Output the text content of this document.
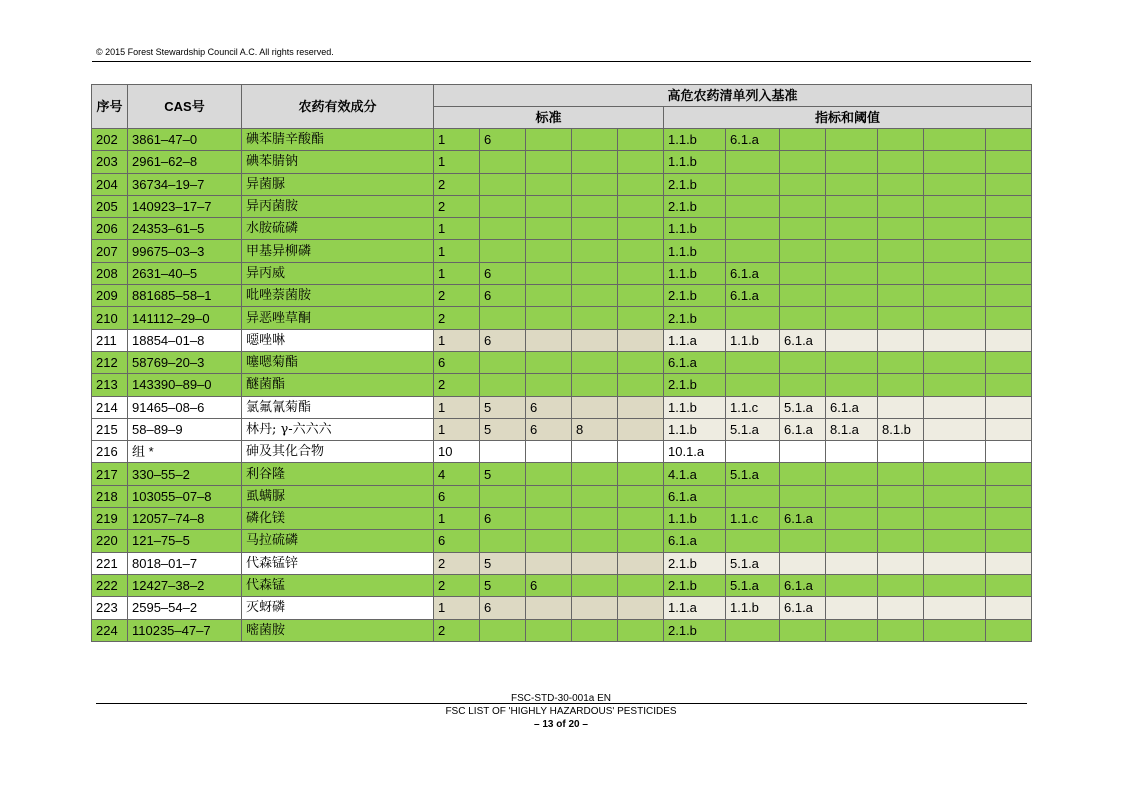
© 2015 Forest Stewardship Council A.C. All rights reserved.
序号	CAS号	农药有效成分	高危农药清单列入基准											
			标准					指标和阈值						
202	3861–47–0	碘苯腈辛酸酯	1	6				1.1.b	6.1.a					
203	2961–62–8	碘苯腈钠	1					1.1.b						
204	36734–19–7	异菌脲	2					2.1.b						
205	140923–17–7	异丙菌胺	2					2.1.b						
206	24353–61–5	水胺硫磷	1					1.1.b						
207	99675–03–3	甲基异柳磷	1					1.1.b						
208	2631–40–5	异丙威	1	6				1.1.b	6.1.a					
209	881685–58–1	吡唑萘菌胺	2	6				2.1.b	6.1.a					
210	141112–29–0	异恶唑草酮	2					2.1.b						
211	18854–01–8	噁唑啉	1	6				1.1.a	1.1.b	6.1.a				
212	58769–20–3	噻嗯菊酯	6					6.1.a						
213	143390–89–0	醚菌酯	2					2.1.b						
214	91465–08–6	氯氟氰菊酯	1	5	6			1.1.b	1.1.c	5.1.a	6.1.a			
215	58–89–9	林丹; γ-六六六	1	5	6	8		1.1.b	5.1.a	6.1.a	8.1.a	8.1.b		
216	组 *	砷及其化合物	10					10.1.a						
217	330–55–2	利谷隆	4	5				4.1.a	5.1.a					
218	103055–07–8	虱螨脲	6					6.1.a						
219	12057–74–8	磷化镁	1	6				1.1.b	1.1.c	6.1.a				
220	121–75–5	马拉硫磷	6					6.1.a						
221	8018–01–7	代森锰锌	2	5				2.1.b	5.1.a					
222	12427–38–2	代森锰	2	5	6			2.1.b	5.1.a	6.1.a				
223	2595–54–2	灭蚜磷	1	6				1.1.a	1.1.b	6.1.a				
224	110235–47–7	嘧菌胺	2					2.1.b						
FSC-STD-30-001a EN
FSC LIST OF 'HIGHLY HAZARDOUS' PESTICIDES
– 13 of 20 –
